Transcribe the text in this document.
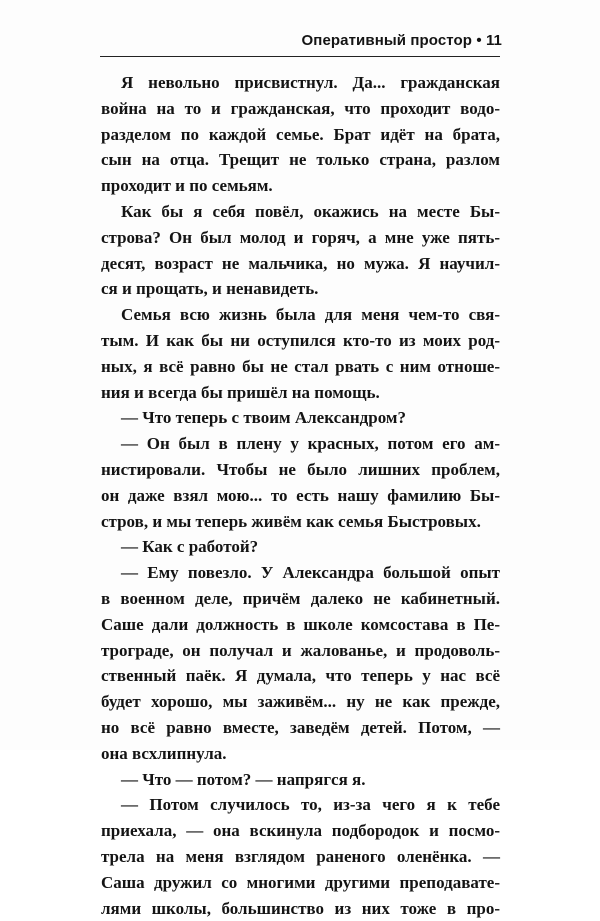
Оперативный простор • 11
Я невольно присвистнул. Да... гражданская
война на то и гражданская, что проходит водо-
разделом по каждой семье. Брат идёт на брата,
сын на отца. Трещит не только страна, разлом
проходит и по семьям.
Как бы я себя повёл, окажись на месте Бы-
строва? Он был молод и горяч, а мне уже пять-
десят, возраст не мальчика, но мужа. Я научил-
ся и прощать, и ненавидеть.
Семья всю жизнь была для меня чем-то свя-
тым. И как бы ни оступился кто-то из моих род-
ных, я всё равно бы не стал рвать с ним отноше-
ния и всегда бы пришёл на помощь.
— Что теперь с твоим Александром?
— Он был в плену у красных, потом его ам-
нистировали. Чтобы не было лишних проблем,
он даже взял мою... то есть нашу фамилию Бы-
стров, и мы теперь живём как семья Быстровых.
— Как с работой?
— Ему повезло. У Александра большой опыт
в военном деле, причём далеко не кабинетный.
Саше дали должность в школе комсостава в Пе-
трограде, он получал и жалованье, и продоволь-
ственный паёк. Я думала, что теперь у нас всё
будет хорошо, мы заживём... ну не как прежде,
но всё равно вместе, заведём детей. Потом, —
она всхлипнула.
— Что — потом? — напрягся я.
— Потом случилось то, из-за чего я к тебе
приехала, — она вскинула подбородок и посмо-
трела на меня взглядом раненого оленёнка. —
Саша дружил со многими другими преподавате-
лями школы, большинство из них тоже в про-
